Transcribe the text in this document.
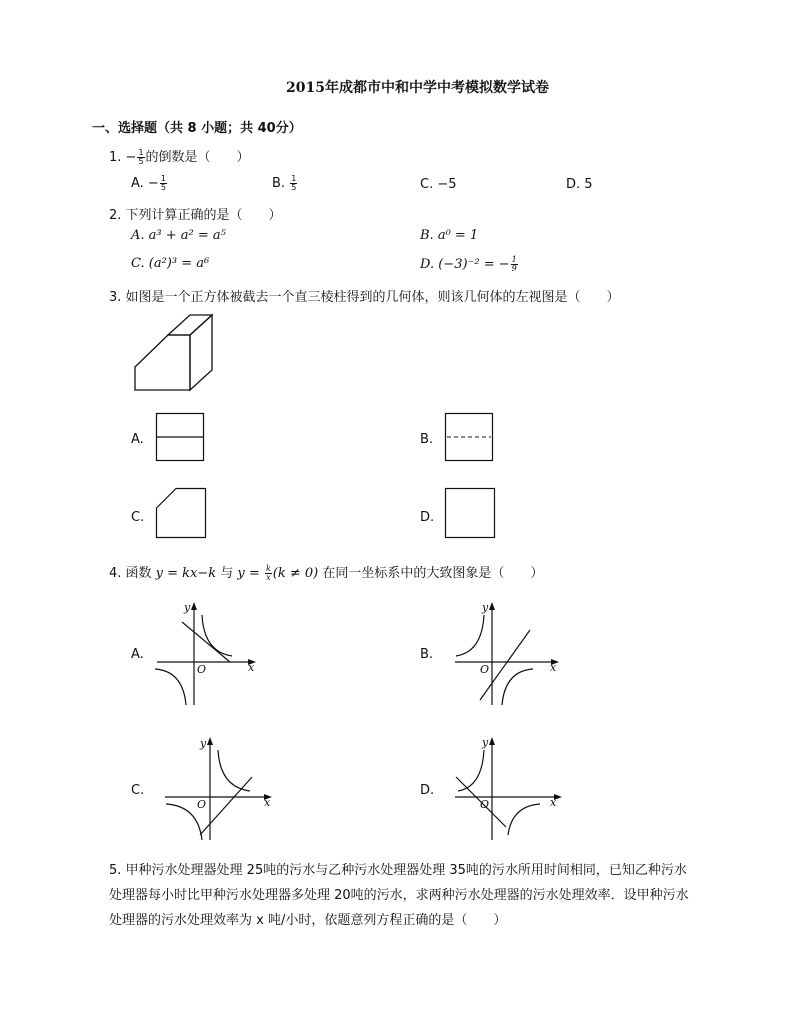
2015年成都市中和中学中考模拟数学试卷
一、选择题（共 8 小题；共 40分）
1. − $\frac{1}{5}$ 的倒数是（　　）
A. − $\frac{1}{5}$	B. $\frac{1}{5}$	C. −5	D. 5
2. 下列计算正确的是（　　）
A. a³ + a² = a⁵	B. a⁰ = 1
C. (a²)³ = a⁶	D. (−3)⁻² = − $\frac{1}{9}$
3. 如图是一个正方体被截去一个直三棱柱得到的几何体，则该几何体的左视图是（　　）
A.	B.
C.	D.
4. 函数 y = kx−k 与 $y = \frac{k}{x} (k \ne 0)$ 在同一坐标系中的大致图象是（　　）
A.
y
x
O
B.
y
x
O
C.
y
x
O
D.
y
x
O
5. 甲种污水处理器处理 25吨的污水与乙种污水处理器处理 35吨的污水所用时间相同，已知乙种污水处理器每小时比甲种污水处理器多处理 20吨的污水，求两种污水处理器的污水处理效率．设甲种污水处理器的污水处理效率为 x 吨/小时，依题意列方程正确的是（　　）
